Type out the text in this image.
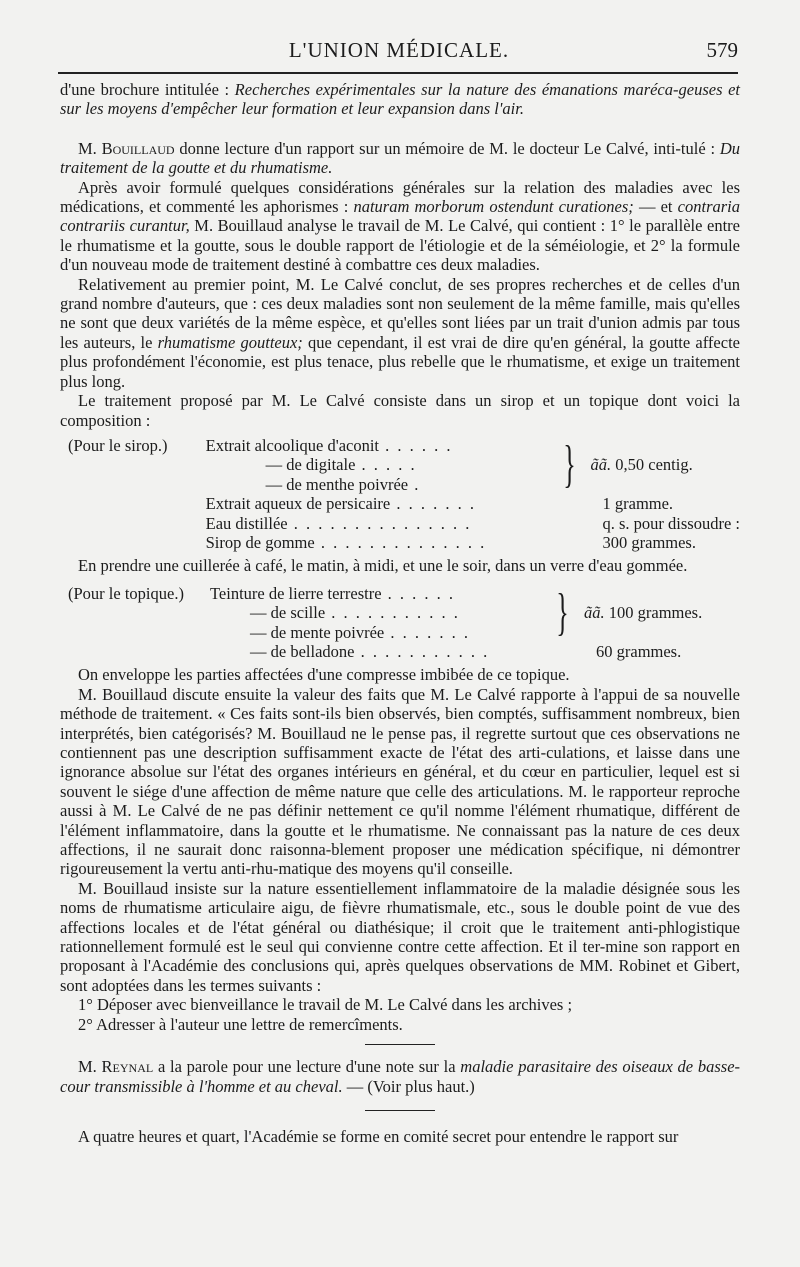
L'UNION MÉDICALE.	579

d'une brochure intitulée : Recherches expérimentales sur la nature des émanations maréca-geuses et sur les moyens d'empêcher leur formation et leur expansion dans l'air.

M. Bouillaud donne lecture d'un rapport sur un mémoire de M. le docteur Le Calvé, inti-tulé : Du traitement de la goutte et du rhumatisme.

Après avoir formulé quelques considérations générales sur la relation des maladies avec les médications, et commenté les aphorismes : naturam morborum ostendunt curationes; — et contraria contrariis curantur, M. Bouillaud analyse le travail de M. Le Calvé, qui contient : 1° le parallèle entre le rhumatisme et la goutte, sous le double rapport de l'étiologie et de la séméiologie, et 2° la formule d'un nouveau mode de traitement destiné à combattre ces deux maladies.

Relativement au premier point, M. Le Calvé conclut, de ses propres recherches et de celles d'un grand nombre d'auteurs, que : ces deux maladies sont non seulement de la même famille, mais qu'elles ne sont que deux variétés de la même espèce, et qu'elles sont liées par un trait d'union admis par tous les auteurs, le rhumatisme goutteux; que cependant, il est vrai de dire qu'en général, la goutte affecte plus profondément l'économie, est plus tenace, plus rebelle que le rhumatisme, et exige un traitement plus long.

Le traitement proposé par M. Le Calvé consiste dans un sirop et un topique dont voici la composition :

(Pour le sirop.)	Extrait alcoolique d'aconit . . . . . .	}	ãã. 0,50 centig.
	— de digitale . . . . .		
	— de menthe poivrée .		
	Extrait aqueux de persicaire . . . . . . .		1 gramme.
	Eau distillée . . . . . . . . . . . . . . .		q. s. pour dissoudre :
	Sirop de gomme . . . . . . . . . . . . . .		300 grammes.

En prendre une cuillerée à café, le matin, à midi, et une le soir, dans un verre d'eau gommée.

(Pour le topique.)	Teinture de lierre terrestre . . . . . .	}	ãã. 100 grammes.
	— de scille . . . . . . . . . . .		
	— de mente poivrée . . . . . . .		
	— de belladone . . . . . . . . . . .		60 grammes.

On enveloppe les parties affectées d'une compresse imbibée de ce topique.

M. Bouillaud discute ensuite la valeur des faits que M. Le Calvé rapporte à l'appui de sa nouvelle méthode de traitement. « Ces faits sont-ils bien observés, bien comptés, suffisamment nombreux, bien interprétés, bien catégorisés? M. Bouillaud ne le pense pas, il regrette surtout que ces observations ne contiennent pas une description suffisamment exacte de l'état des arti-culations, et laisse dans une ignorance absolue sur l'état des organes intérieurs en général, et du cœur en particulier, lequel est si souvent le siége d'une affection de même nature que celle des articulations. M. le rapporteur reproche aussi à M. Le Calvé de ne pas définir nettement ce qu'il nomme l'élément rhumatique, différent de l'élément inflammatoire, dans la goutte et le rhumatisme. Ne connaissant pas la nature de ces deux affections, il ne saurait donc raisonna-blement proposer une médication spécifique, ni démontrer rigoureusement la vertu anti-rhu-matique des moyens qu'il conseille.

M. Bouillaud insiste sur la nature essentiellement inflammatoire de la maladie désignée sous les noms de rhumatisme articulaire aigu, de fièvre rhumatismale, etc., sous le double point de vue des affections locales et de l'état général ou diathésique; il croit que le traitement anti-phlogistique rationnellement formulé est le seul qui convienne contre cette affection. Et il ter-mine son rapport en proposant à l'Académie des conclusions qui, après quelques observations de MM. Robinet et Gibert, sont adoptées dans les termes suivants :

1° Déposer avec bienveillance le travail de M. Le Calvé dans les archives ;

2° Adresser à l'auteur une lettre de remercîments.

M. Reynal a la parole pour une lecture d'une note sur la maladie parasitaire des oiseaux de basse-cour transmissible à l'homme et au cheval. — (Voir plus haut.)

A quatre heures et quart, l'Académie se forme en comité secret pour entendre le rapport sur
